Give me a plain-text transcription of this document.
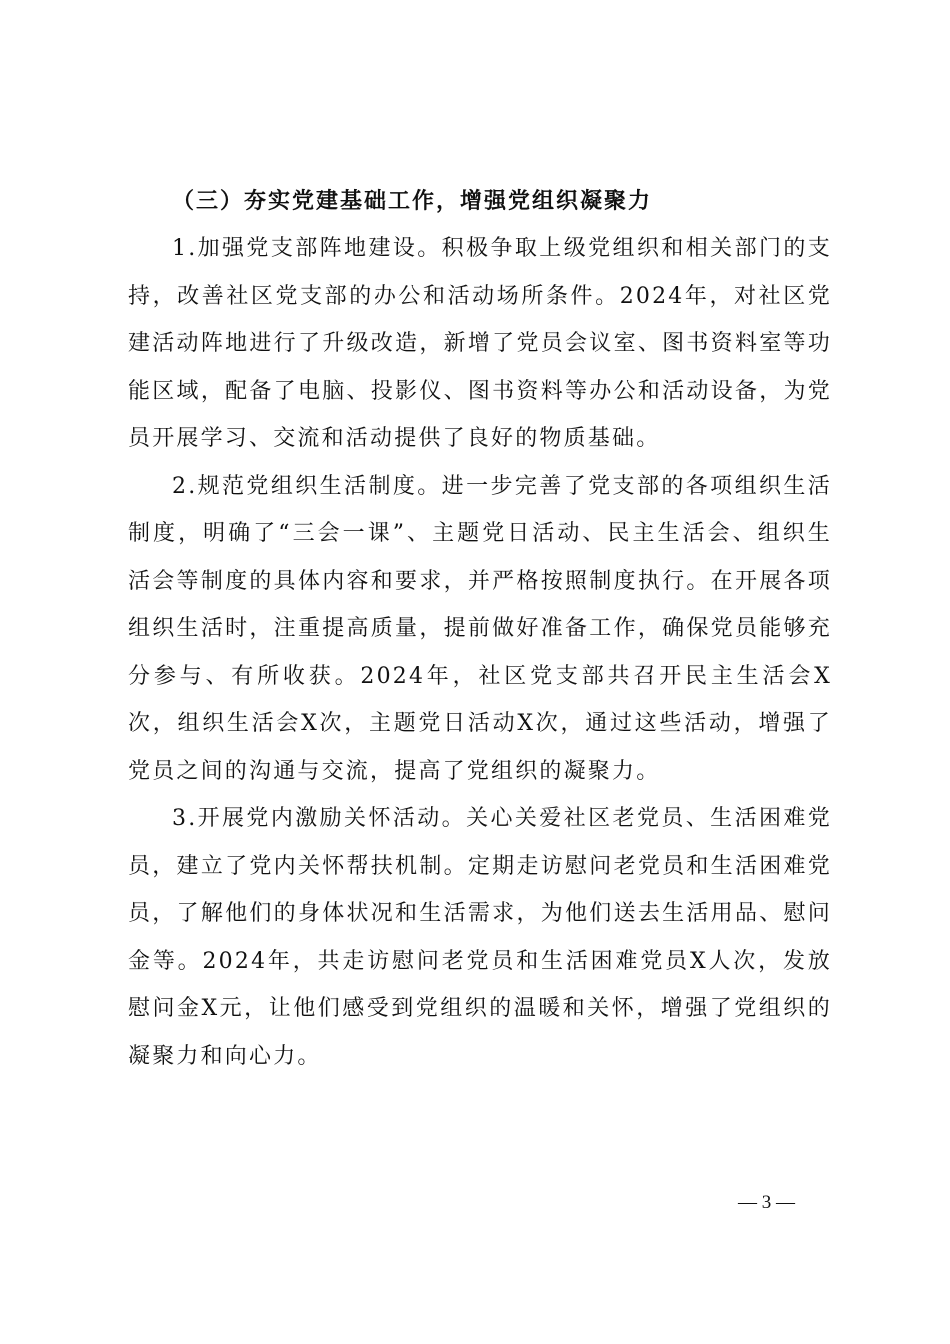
（三）夯实党建基础工作，增强党组织凝聚力

1.加强党支部阵地建设。积极争取上级党组织和相关部门的支持，改善社区党支部的办公和活动场所条件。2024年，对社区党建活动阵地进行了升级改造，新增了党员会议室、图书资料室等功能区域，配备了电脑、投影仪、图书资料等办公和活动设备，为党员开展学习、交流和活动提供了良好的物质基础。

2.规范党组织生活制度。进一步完善了党支部的各项组织生活制度，明确了“三会一课”、主题党日活动、民主生活会、组织生活会等制度的具体内容和要求，并严格按照制度执行。在开展各项组织生活时，注重提高质量，提前做好准备工作，确保党员能够充分参与、有所收获。2024年，社区党支部共召开民主生活会X次，组织生活会X次，主题党日活动X次，通过这些活动，增强了党员之间的沟通与交流，提高了党组织的凝聚力。

3.开展党内激励关怀活动。关心关爱社区老党员、生活困难党员，建立了党内关怀帮扶机制。定期走访慰问老党员和生活困难党员，了解他们的身体状况和生活需求，为他们送去生活用品、慰问金等。2024年，共走访慰问老党员和生活困难党员X人次，发放慰问金X元，让他们感受到党组织的温暖和关怀，增强了党组织的凝聚力和向心力。

— 3 —
